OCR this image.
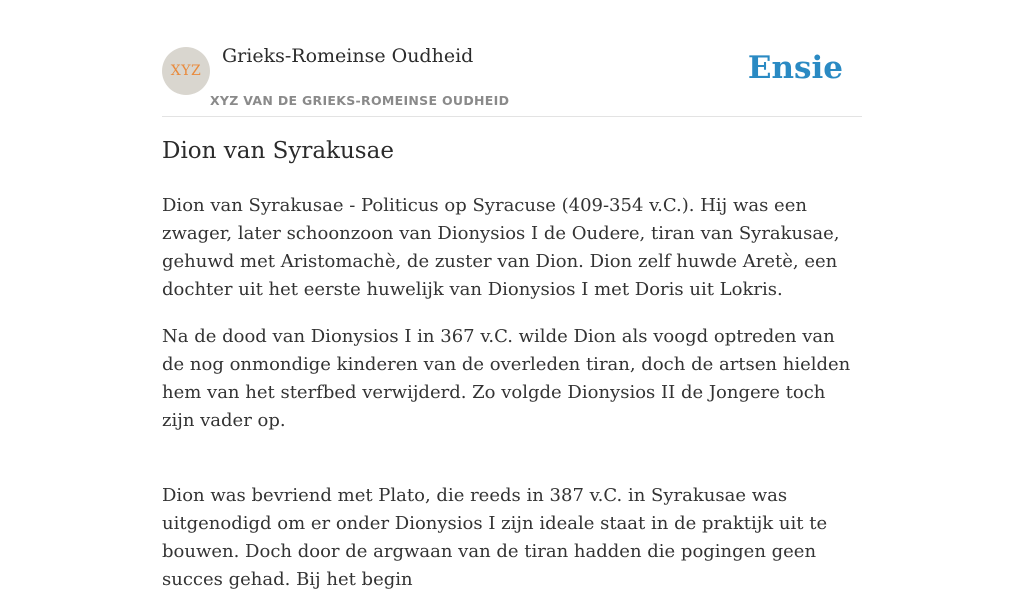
XYZ
Grieks-Romeinse Oudheid
XYZ VAN DE GRIEKS-ROMEINSE OUDHEID
Ensie
Dion van Syrakusae

Dion van Syrakusae - Politicus op Syracuse (409-354 v.C.). Hij was een zwager, later schoonzoon van Dionysios I de Oudere, tiran van Syrakusae, gehuwd met Aristomachè, de zuster van Dion. Dion zelf huwde Aretè, een dochter uit het eerste huwelijk van Dionysios I met Doris uit Lokris.

Na de dood van Dionysios I in 367 v.C. wilde Dion als voogd optreden van de nog onmondige kinderen van de overleden tiran, doch de artsen hielden hem van het sterfbed verwijderd. Zo volgde Dionysios II de Jongere toch zijn vader op.

Dion was bevriend met Plato, die reeds in 387 v.C. in Syrakusae was uitgenodigd om er onder Dionysios I zijn ideale staat in de praktijk uit te bouwen. Doch door de argwaan van de tiran hadden die pogingen geen succes gehad. Bij het begin
